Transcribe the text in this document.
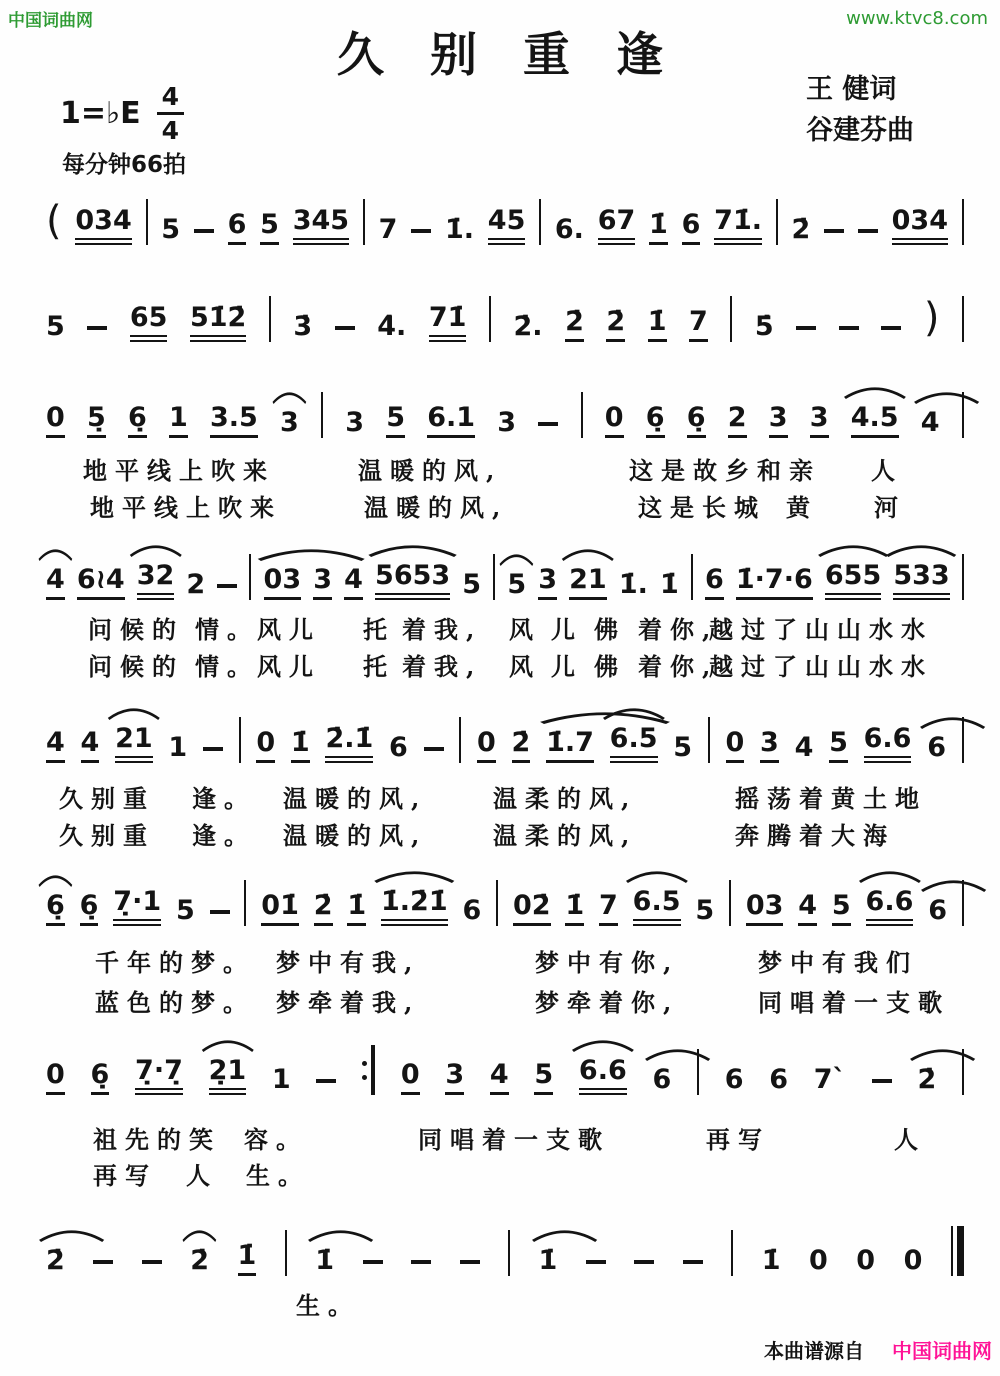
中国词曲网	www.ktvc8.com
久别重逢
王 健词
谷建芬曲
1=♭E $\frac{4}{4}$
每分钟66拍
( 034 5 6 5 345 7 1̇. 45 6. 67 1̇ 6 71̇. 2̇	034
5 65 51̇2̇ 3̇ 4̇. 71̇ 2̇. 2̇ 2̇ 1̇ 7 5̇	)
0 5̣ 6̣ 1 3.5 3 3 5 6.1 3	0 6̣ 6̣ 2 3 3 4.5 4
地平线上吹来	温暖的风,	这是故乡和亲 人
地平线上吹来	温暖的风,	这是长城 黄 河
4 6≀4 32 2 03 3 4 5653 5 5 3 21 1̇. 1̇ 6 1̇·7·6 655 533
问候的 情。
风儿 托 着我, 风 儿 佛 着你,
越过了山山水水
问候的 情。
风儿 托 着我, 风 儿 佛 着你,
越过了山山水水
4 4 21 1	0 1̇ 2̇.1̇ 6	0 2̇ 1̇.7 6.5 5 0 3 4 5 6.6 6
久别重 逢。 温暖的风,	温柔的风,	摇荡着黄土地
久别重 逢。 温暖的风,	温柔的风,	奔腾着大海
6̣ 6̣ 7̣·1 5 01̇ 2̇ 1̇ 1̇.2̇1̇ 6 02̇ 1̇ 7 6.5 5 03 4 5 6.6 6
千年的梦。 梦中有我,	梦中有你,	梦中有我们
蓝色的梦。 梦牵着我,	梦牵着你,	同唱着一支歌
0 6̣ 7̣·7̣ 2̣1 1	0 3 4 5 6.6 6 6 6 7ˋ	2̇
祖先的笑 容。	同唱着一支歌	再写	人
再写 人 生。
2̇	2̇ 1̇ 1̇	1̇	1̇ 0 0 0
生。
本曲谱源自 中国词曲网
